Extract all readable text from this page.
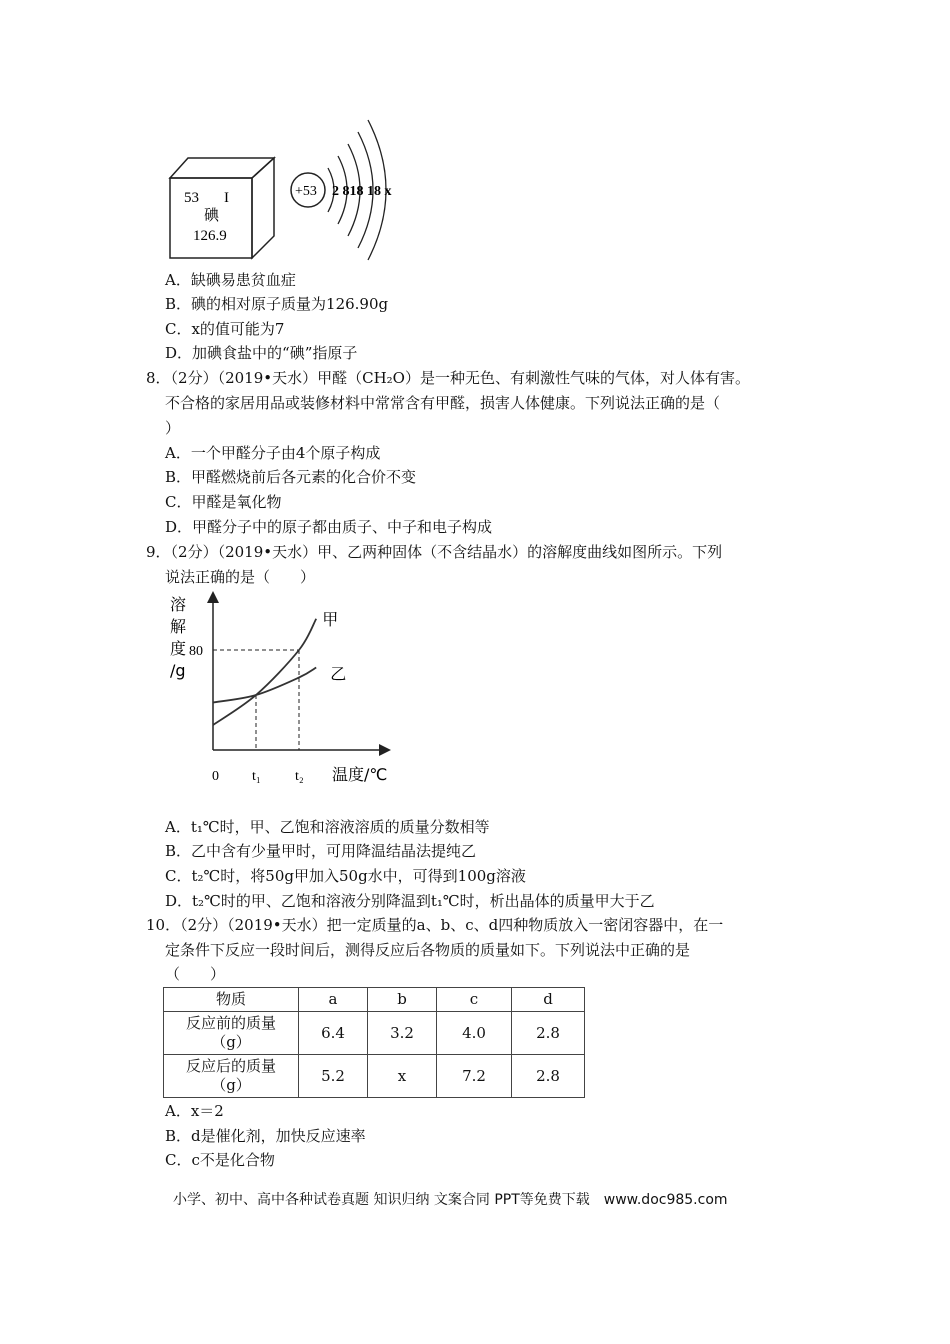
53 I
碘
126.9
+53 2 818 18 x
A．缺碘易患贫血症
B．碘的相对原子质量为126.90g
C．x的值可能为7
D．加碘食盐中的“碘”指原子
8．（2分）（2019•天水）甲醛（CH₂O）是一种无色、有刺激性气味的气体，对人体有害。
不合格的家居用品或装修材料中常常含有甲醛，损害人体健康。下列说法正确的是（
）
A．一个甲醛分子由4个原子构成
B．甲醛燃烧前后各元素的化合价不变
C．甲醛是氧化物
D．甲醛分子中的原子都由质子、中子和电子构成
9．（2分）（2019•天水）甲、乙两种固体（不含结晶水）的溶解度曲线如图所示。下列
说法正确的是（　　）
溶
解
度
/g
甲
乙
80
t₁ t₂
0	温度/℃
A．t₁℃时，甲、乙饱和溶液溶质的质量分数相等
B．乙中含有少量甲时，可用降温结晶法提纯乙
C．t₂℃时，将50g甲加入50g水中，可得到100g溶液
D．t₂℃时的甲、乙饱和溶液分别降温到t₁℃时，析出晶体的质量甲大于乙
10．（2分）（2019•天水）把一定质量的a、b、c、d四种物质放入一密闭容器中，在一
定条件下反应一段时间后，测得反应后各物质的质量如下。下列说法中正确的是
（　　）
物质	a	b	c	d

反应前的质量
（g）	6.4	3.2	4.0	2.8

反应后的质量
（g）	5.2	x	7.2	2.8
A．x＝2
B．d是催化剂，加快反应速率
C．c不是化合物
小学、初中、高中各种试卷真题 知识归纳 文案合同 PPT等免费下载　www.doc985.com
